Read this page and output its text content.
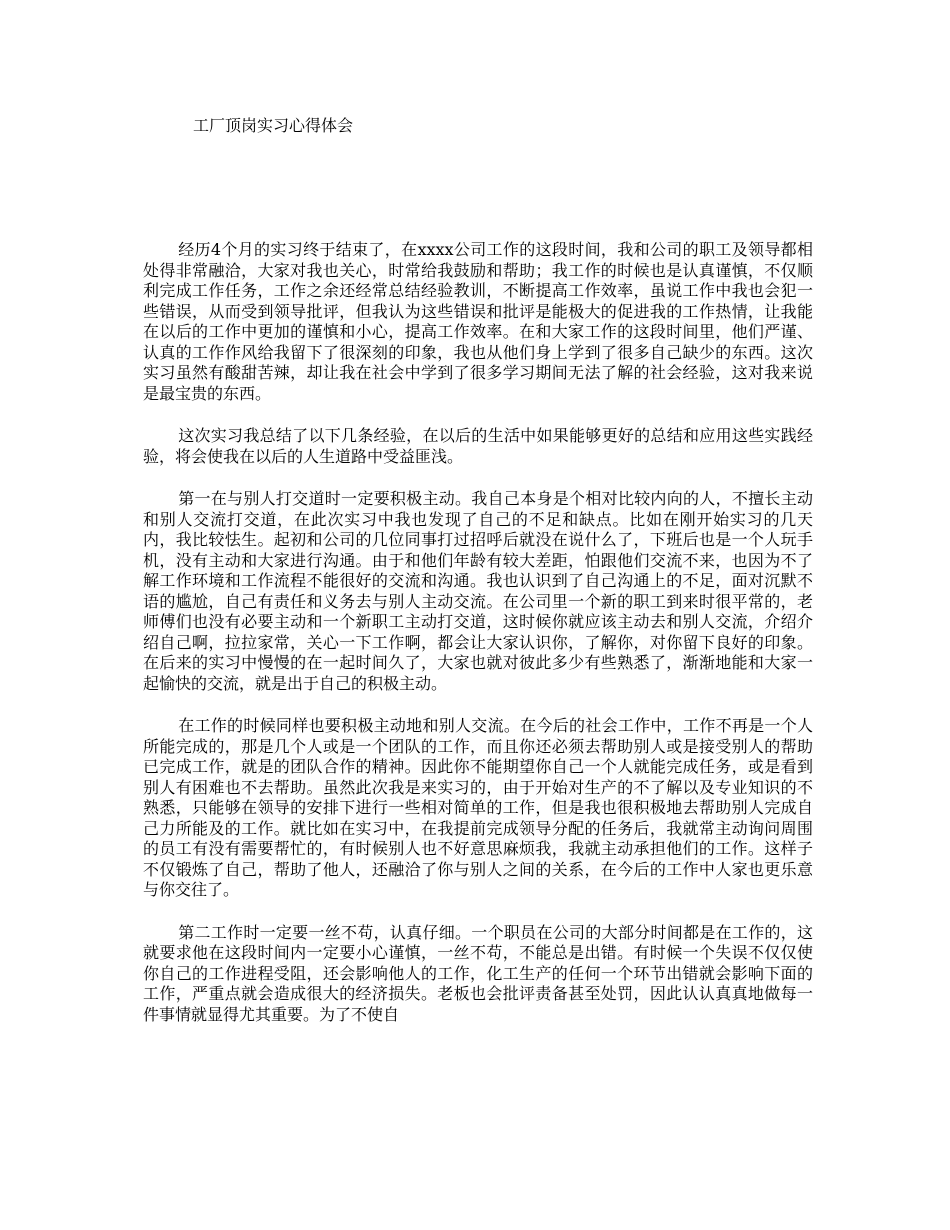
工厂顶岗实习心得体会

经历4个月的实习终于结束了，在xxxx公司工作的这段时间，我和公司的职工及领导都相处得非常融洽，大家对我也关心，时常给我鼓励和帮助；我工作的时候也是认真谨慎，不仅顺利完成工作任务，工作之余还经常总结经验教训，不断提高工作效率，虽说工作中我也会犯一些错误，从而受到领导批评，但我认为这些错误和批评是能极大的促进我的工作热情，让我能在以后的工作中更加的谨慎和小心，提高工作效率。在和大家工作的这段时间里，他们严谨、认真的工作作风给我留下了很深刻的印象，我也从他们身上学到了很多自己缺少的东西。这次实习虽然有酸甜苦辣，却让我在社会中学到了很多学习期间无法了解的社会经验，这对我来说是最宝贵的东西。

这次实习我总结了以下几条经验，在以后的生活中如果能够更好的总结和应用这些实践经验，将会使我在以后的人生道路中受益匪浅。

第一在与别人打交道时一定要积极主动。我自己本身是个相对比较内向的人，不擅长主动和别人交流打交道，在此次实习中我也发现了自己的不足和缺点。比如在刚开始实习的几天内，我比较怯生。起初和公司的几位同事打过招呼后就没在说什么了，下班后也是一个人玩手机，没有主动和大家进行沟通。由于和他们年龄有较大差距，怕跟他们交流不来，也因为不了解工作环境和工作流程不能很好的交流和沟通。我也认识到了自己沟通上的不足，面对沉默不语的尴尬，自己有责任和义务去与别人主动交流。在公司里一个新的职工到来时很平常的，老师傅们也没有必要主动和一个新职工主动打交道，这时候你就应该主动去和别人交流，介绍介绍自己啊，拉拉家常，关心一下工作啊，都会让大家认识你，了解你，对你留下良好的印象。在后来的实习中慢慢的在一起时间久了，大家也就对彼此多少有些熟悉了，渐渐地能和大家一起愉快的交流，就是出于自己的积极主动。

在工作的时候同样也要积极主动地和别人交流。在今后的社会工作中，工作不再是一个人所能完成的，那是几个人或是一个团队的工作，而且你还必须去帮助别人或是接受别人的帮助已完成工作，就是的团队合作的精神。因此你不能期望你自己一个人就能完成任务，或是看到别人有困难也不去帮助。虽然此次我是来实习的，由于开始对生产的不了解以及专业知识的不熟悉，只能够在领导的安排下进行一些相对简单的工作，但是我也很积极地去帮助别人完成自己力所能及的工作。就比如在实习中，在我提前完成领导分配的任务后，我就常主动询问周围的员工有没有需要帮忙的，有时候别人也不好意思麻烦我，我就主动承担他们的工作。这样子不仅锻炼了自己，帮助了他人，还融洽了你与别人之间的关系，在今后的工作中人家也更乐意与你交往了。

第二工作时一定要一丝不苟，认真仔细。一个职员在公司的大部分时间都是在工作的，这就要求他在这段时间内一定要小心谨慎，一丝不苟，不能总是出错。有时候一个失误不仅仅使你自己的工作进程受阻，还会影响他人的工作，化工生产的任何一个环节出错就会影响下面的工作，严重点就会造成很大的经济损失。老板也会批评责备甚至处罚，因此认认真真地做每一件事情就显得尤其重要。为了不使自
